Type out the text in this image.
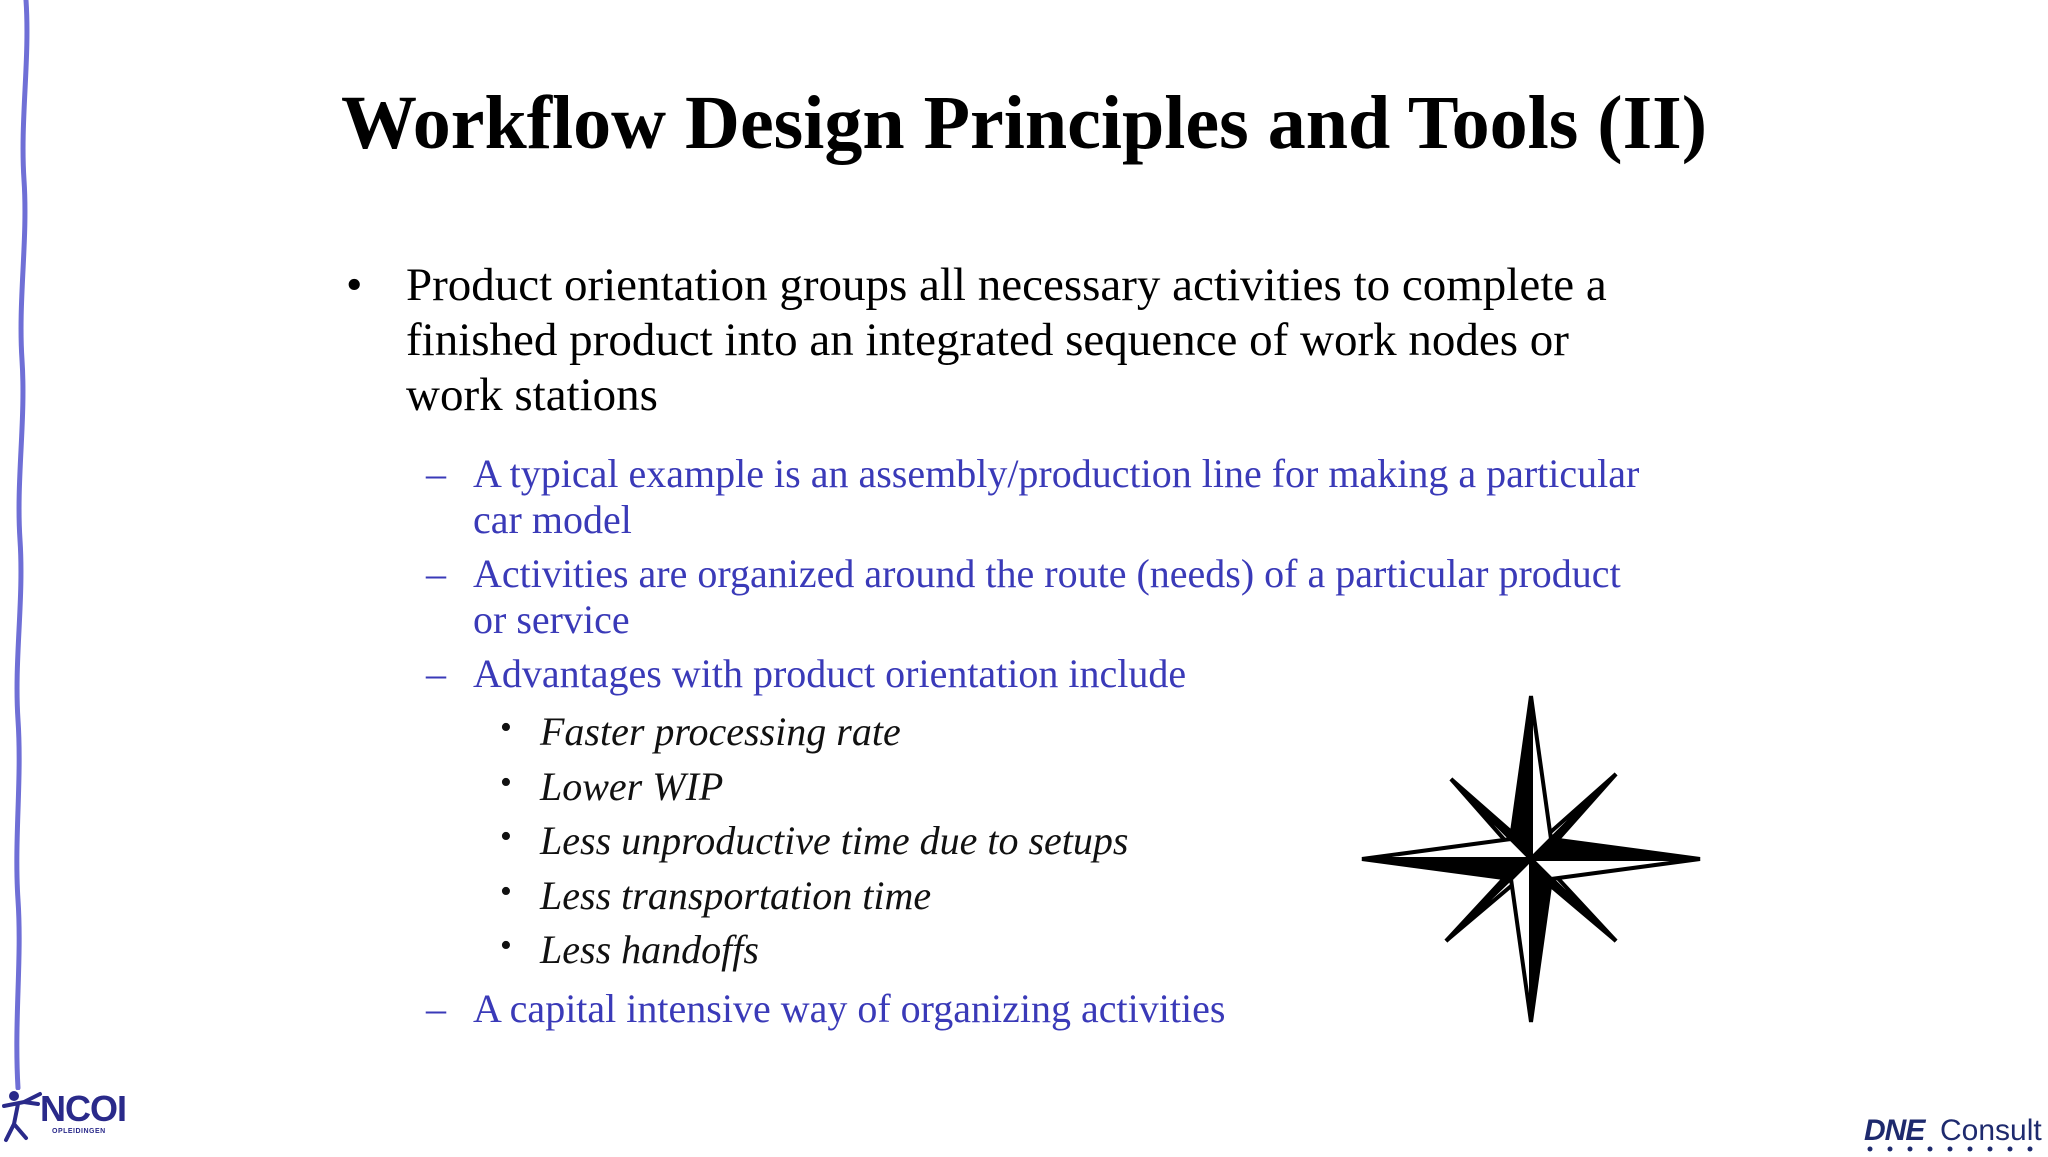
Workflow Design Principles and Tools (II)
• Product orientation groups all necessary activities to complete a finished product into an integrated sequence of work nodes or work stations
– A typical example is an assembly/production line for making a particular car model
– Activities are organized around the route (needs) of a particular product or service
– Advantages with product orientation include
• Faster processing rate
• Lower WIP
• Less unproductive time due to setups
• Less transportation time
• Less handoffs
– A capital intensive way of organizing activities
NCOI
OPLEIDINGEN	DNE Consult
